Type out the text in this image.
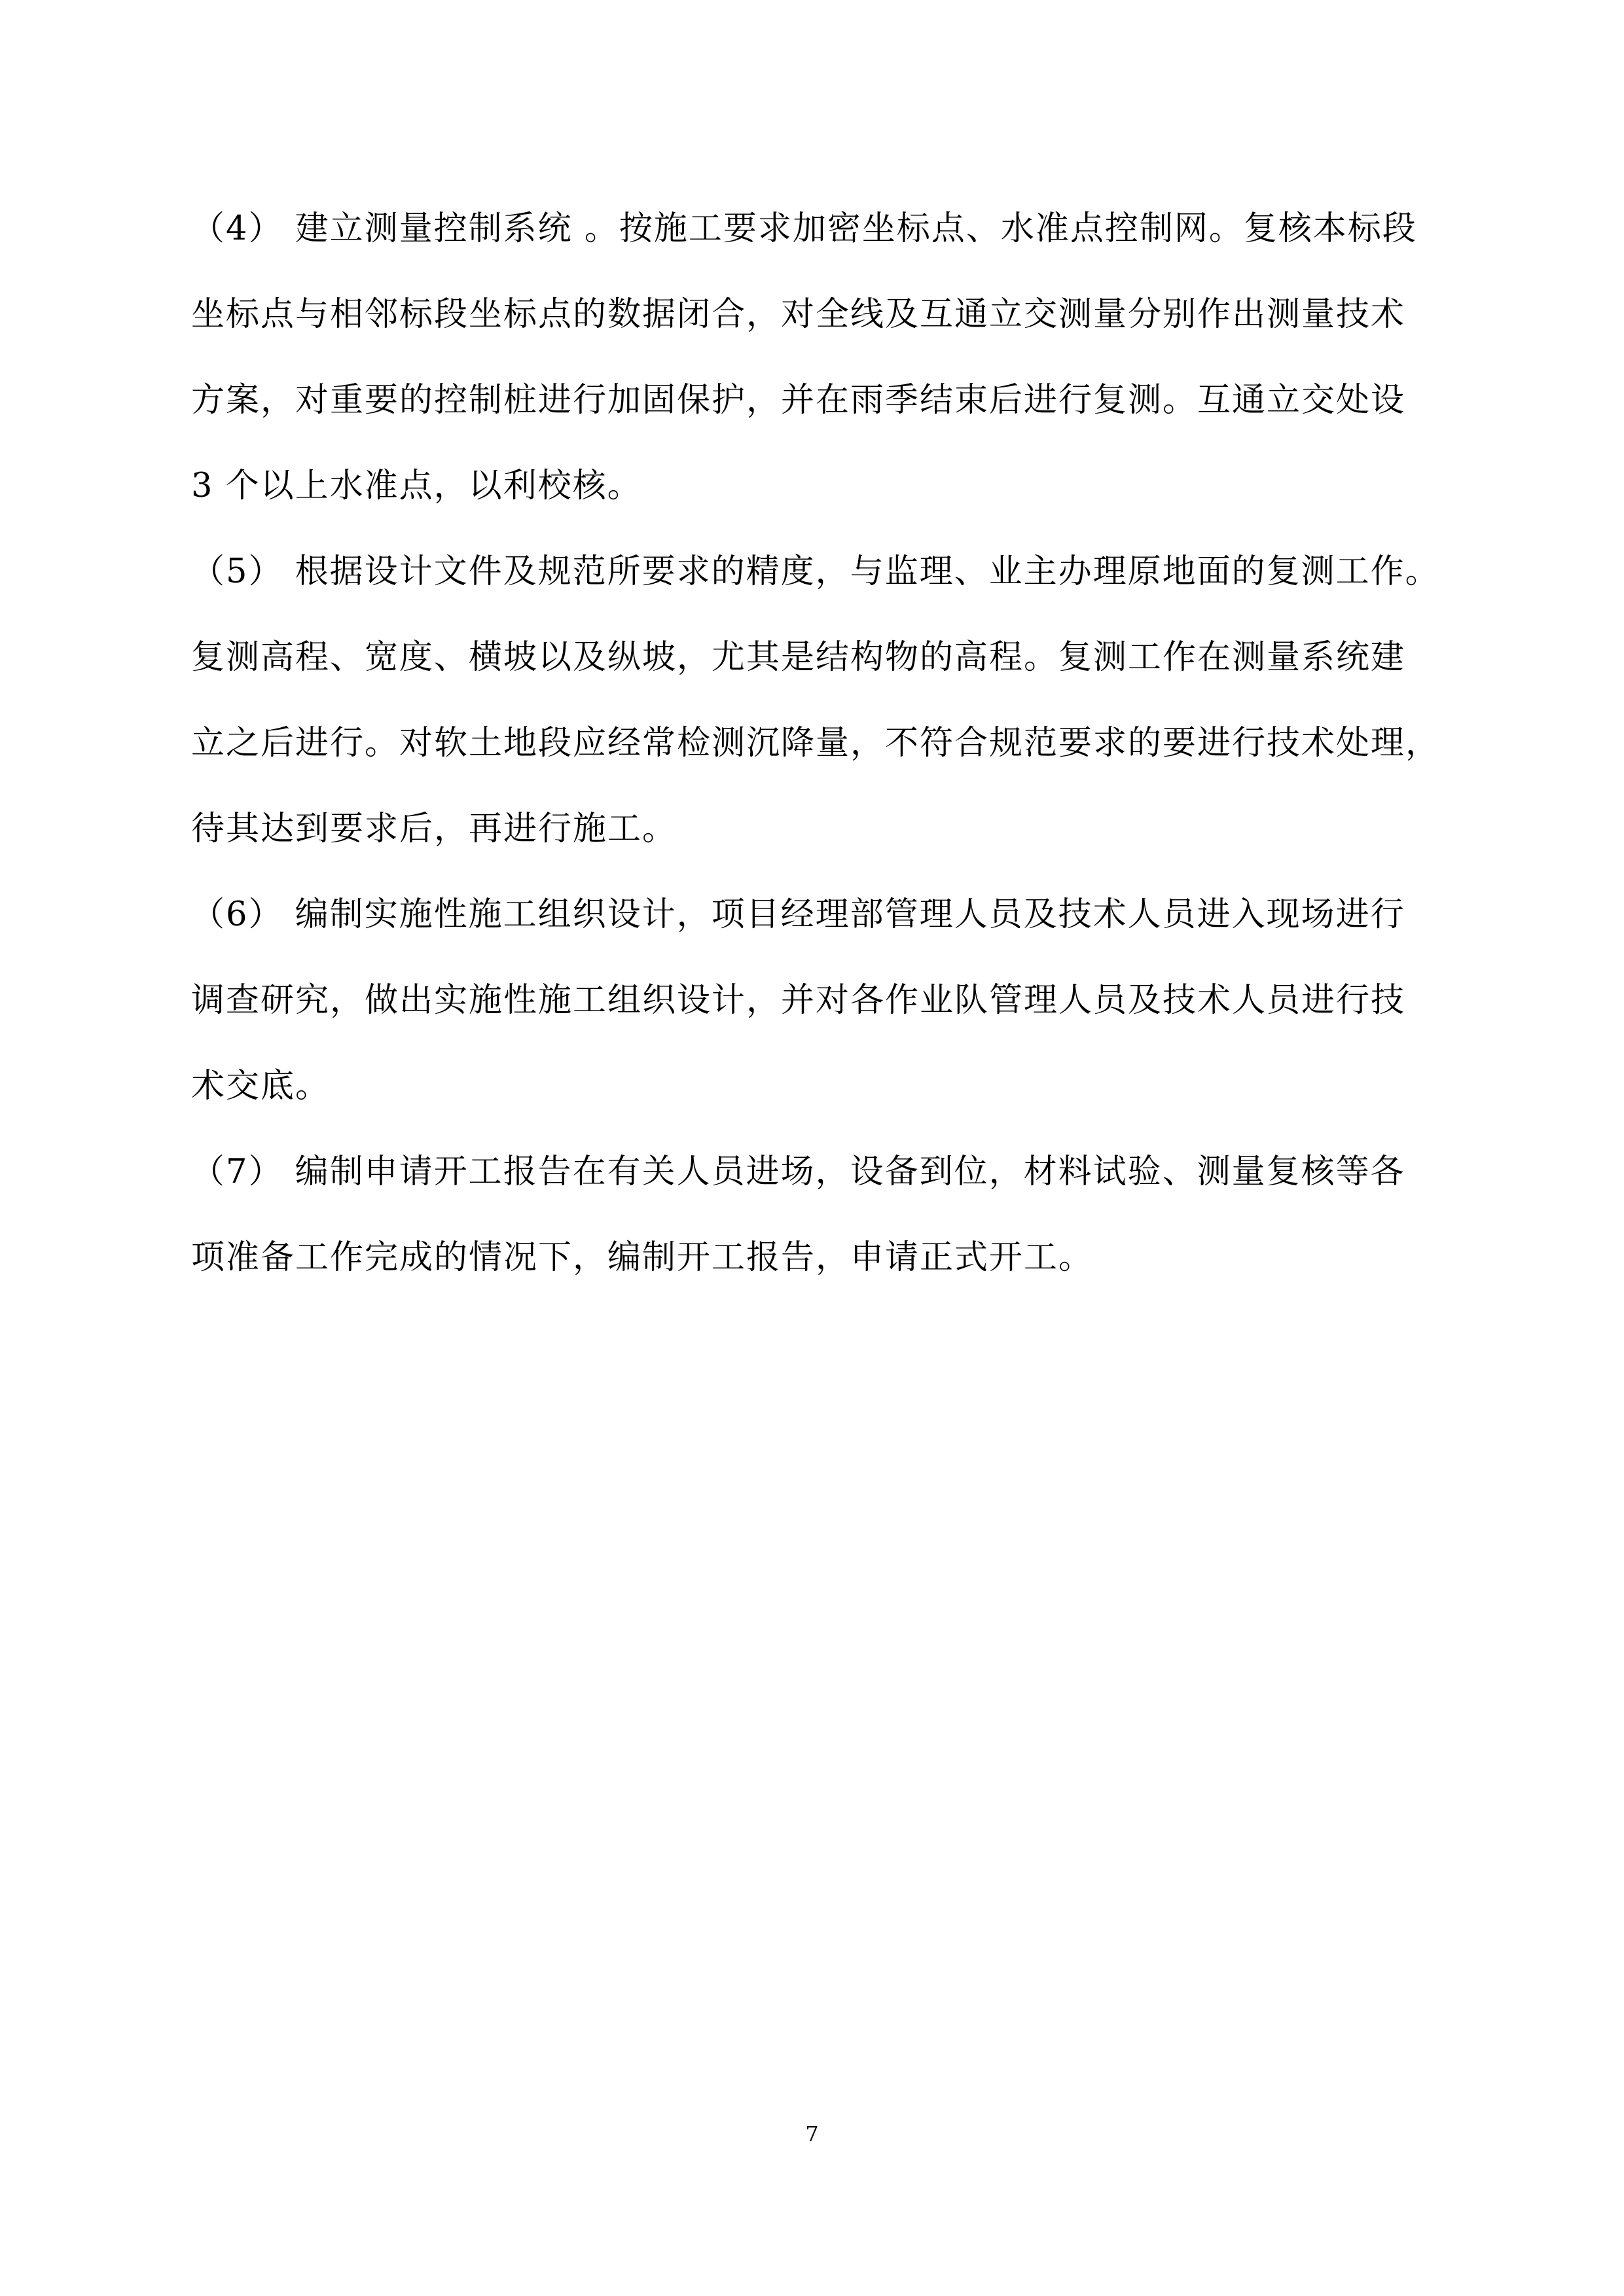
（4） 建立测量控制系统 。按施工要求加密坐标点、水准点控制网。复核本标段
坐标点与相邻标段坐标点的数据闭合，对全线及互通立交测量分别作出测量技术
方案，对重要的控制桩进行加固保护，并在雨季结束后进行复测。互通立交处设
3 个以上水准点，以利校核。
（5） 根据设计文件及规范所要求的精度，与监理、业主办理原地面的复测工作。
复测高程、宽度、横坡以及纵坡，尤其是结构物的高程。复测工作在测量系统建
立之后进行。对软土地段应经常检测沉降量，不符合规范要求的要进行技术处理，
待其达到要求后，再进行施工。
（6） 编制实施性施工组织设计，项目经理部管理人员及技术人员进入现场进行
调查研究，做出实施性施工组织设计，并对各作业队管理人员及技术人员进行技
术交底。
（7） 编制申请开工报告在有关人员进场，设备到位，材料试验、测量复核等各
项准备工作完成的情况下，编制开工报告，申请正式开工。
7
